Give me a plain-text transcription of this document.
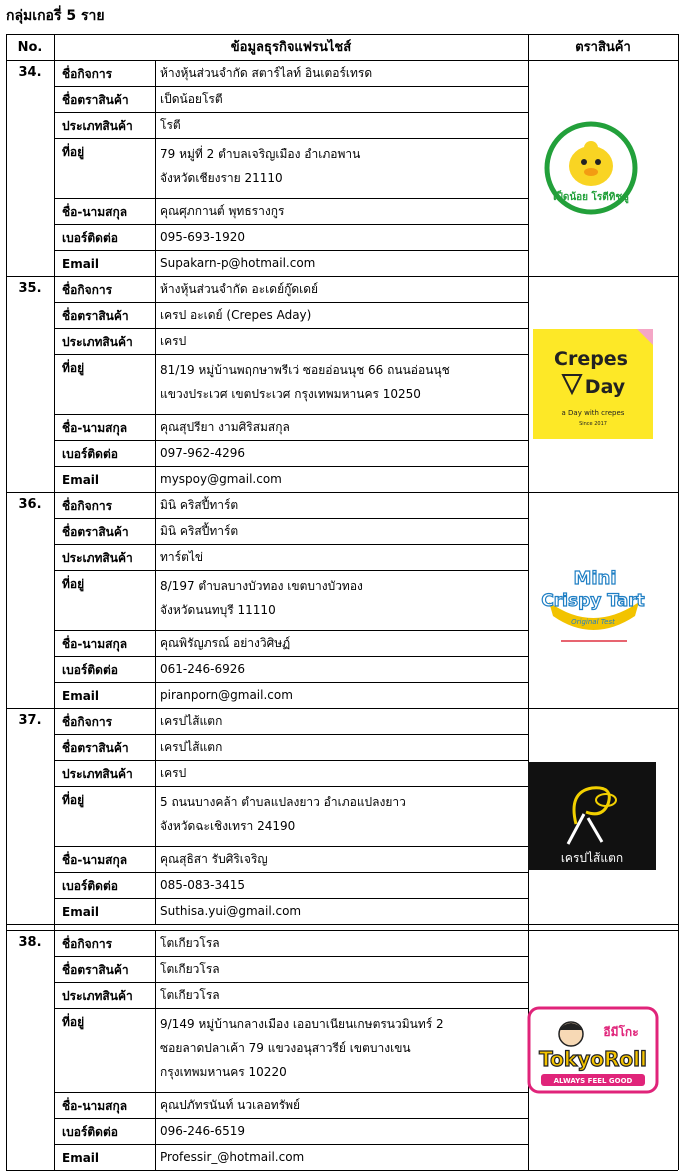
กลุ่มเกอรี่ 5 ราย
No.	ข้อมูลธุรกิจแฟรนไชส์	ตราสินค้า
34.	ชื่อกิจการ	ห้างหุ้นส่วนจำกัด สตาร์ไลท์ อินเตอร์เทรด
ชื่อตราสินค้า	เป็ดน้อยโรตี
ประเภทสินค้า	โรตี
ที่อยู่	79 หมู่ที่ 2 ตำบลเจริญเมือง อำเภอพาน
จังหวัดเชียงราย 21110
ชื่อ-นามสกุล	คุณศุภกานต์ พุทธรางกูร
เบอร์ติดต่อ	095-693-1920
Email	Supakarn-p@hotmail.com
35.	ชื่อกิจการ	ห้างหุ้นส่วนจำกัด อะเดย์กู๊ดเดย์
ชื่อตราสินค้า	เครป อะเดย์ (Crepes Aday)
ประเภทสินค้า	เครป
ที่อยู่	81/19 หมู่บ้านพฤกษาพรีเว่ ซอยอ่อนนุช 66 ถนนอ่อนนุช
แขวงประเวศ เขตประเวศ กรุงเทพมหานคร 10250
ชื่อ-นามสกุล	คุณสุปรียา งามศิริสมสกุล
เบอร์ติดต่อ	097-962-4296
Email	myspoy@gmail.com
36.	ชื่อกิจการ	มินิ คริสปี้ทาร์ต
ชื่อตราสินค้า	มินิ คริสปี้ทาร์ต
ประเภทสินค้า	ทาร์ตไข่
ที่อยู่	8/197 ตำบลบางบัวทอง เขตบางบัวทอง
จังหวัดนนทบุรี 11110
ชื่อ-นามสกุล	คุณพิรัญภรณ์ อย่างวิศิษฏ์
เบอร์ติดต่อ	061-246-6926
Email	piranporn@gmail.com
37.	ชื่อกิจการ	เครปไส้แตก
ชื่อตราสินค้า	เครปไส้แตก
ประเภทสินค้า	เครป
ที่อยู่	5 ถนนบางคล้า ตำบลแปลงยาว อำเภอแปลงยาว
จังหวัดฉะเชิงเทรา 24190
ชื่อ-นามสกุล	คุณสุธิสา รับศิริเจริญ
เบอร์ติดต่อ	085-083-3415
Email	Suthisa.yui@gmail.com
38.	ชื่อกิจการ	โตเกียวโรล
ชื่อตราสินค้า	โตเกียวโรล
ประเภทสินค้า	โตเกียวโรล
ที่อยู่	9/149 หมู่บ้านกลางเมือง เออบาเนียนเกษตรนวมินทร์ 2
ซอยลาดปลาเค้า 79 แขวงอนุสาวรีย์ เขตบางเขน
กรุงเทพมหานคร 10220
ชื่อ-นามสกุล	คุณปภัทรนันท์ นวเลอทรัพย์
เบอร์ติดต่อ	096-246-6519
Email	Professir_@hotmail.com
เป็ดน้อย โรตีทิชชู่
Crepes
Day
a Day with crepes
Since 2017
Mini
Crispy Tart
Original Test
เครปไส้แตก
อีมีโกะ
TokyoRoll
ALWAYS FEEL GOOD
